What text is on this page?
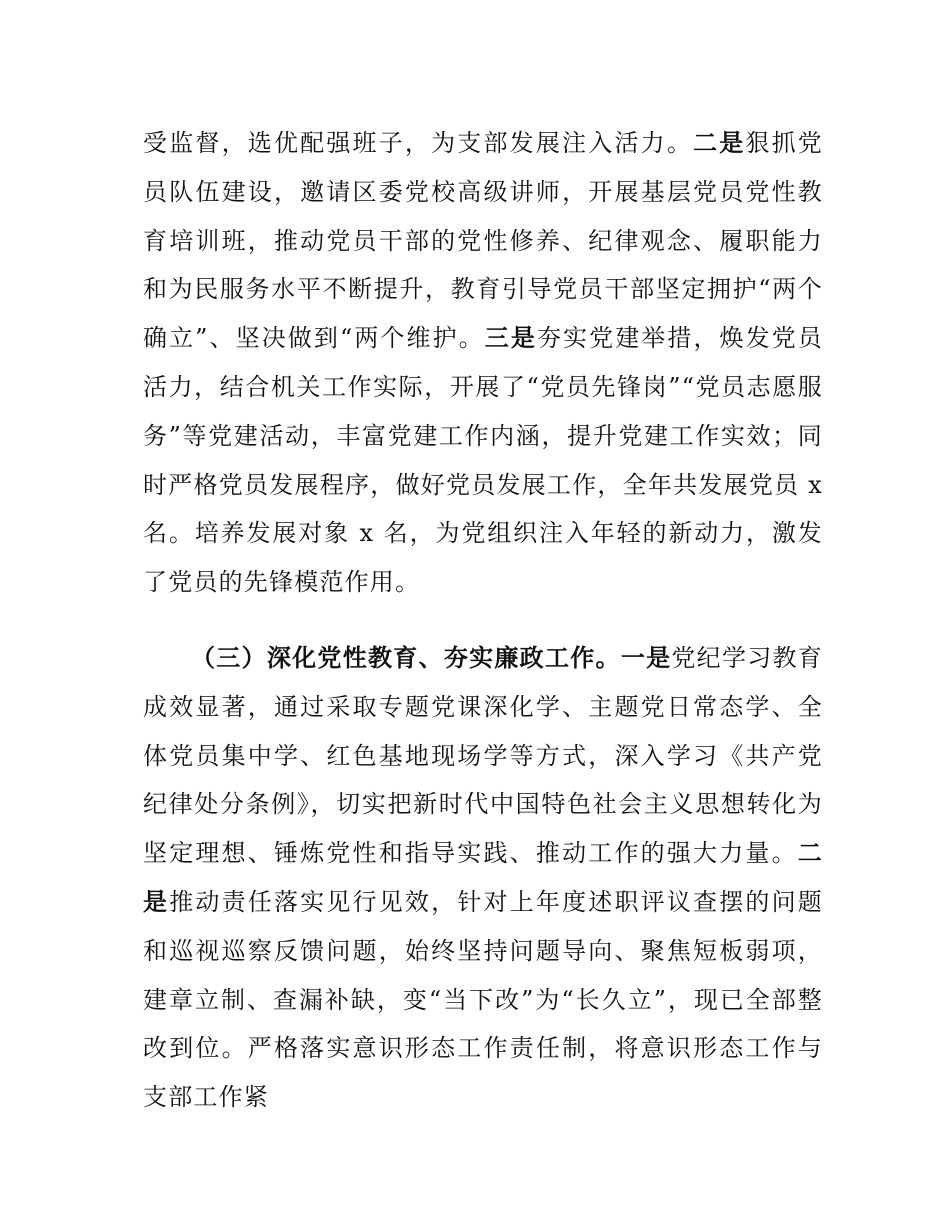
受监督，选优配强班子，为支部发展注入活力。二是狠抓党员队伍建设，邀请区委党校高级讲师，开展基层党员党性教育培训班，推动党员干部的党性修养、纪律观念、履职能力和为民服务水平不断提升，教育引导党员干部坚定拥护“两个确立”、坚决做到“两个维护。三是夯实党建举措，焕发党员活力，结合机关工作实际，开展了“党员先锋岗”“党员志愿服务”等党建活动，丰富党建工作内涵，提升党建工作实效；同时严格党员发展程序，做好党员发展工作，全年共发展党员 x 名。培养发展对象 x 名，为党组织注入年轻的新动力，激发了党员的先锋模范作用。

（三）深化党性教育、夯实廉政工作。一是党纪学习教育成效显著，通过采取专题党课深化学、主题党日常态学、全体党员集中学、红色基地现场学等方式，深入学习《共产党纪律处分条例》，切实把新时代中国特色社会主义思想转化为坚定理想、锤炼党性和指导实践、推动工作的强大力量。二是推动责任落实见行见效，针对上年度述职评议查摆的问题和巡视巡察反馈问题，始终坚持问题导向、聚焦短板弱项，建章立制、查漏补缺，变“当下改”为“长久立”，现已全部整改到位。严格落实意识形态工作责任制，将意识形态工作与支部工作紧
